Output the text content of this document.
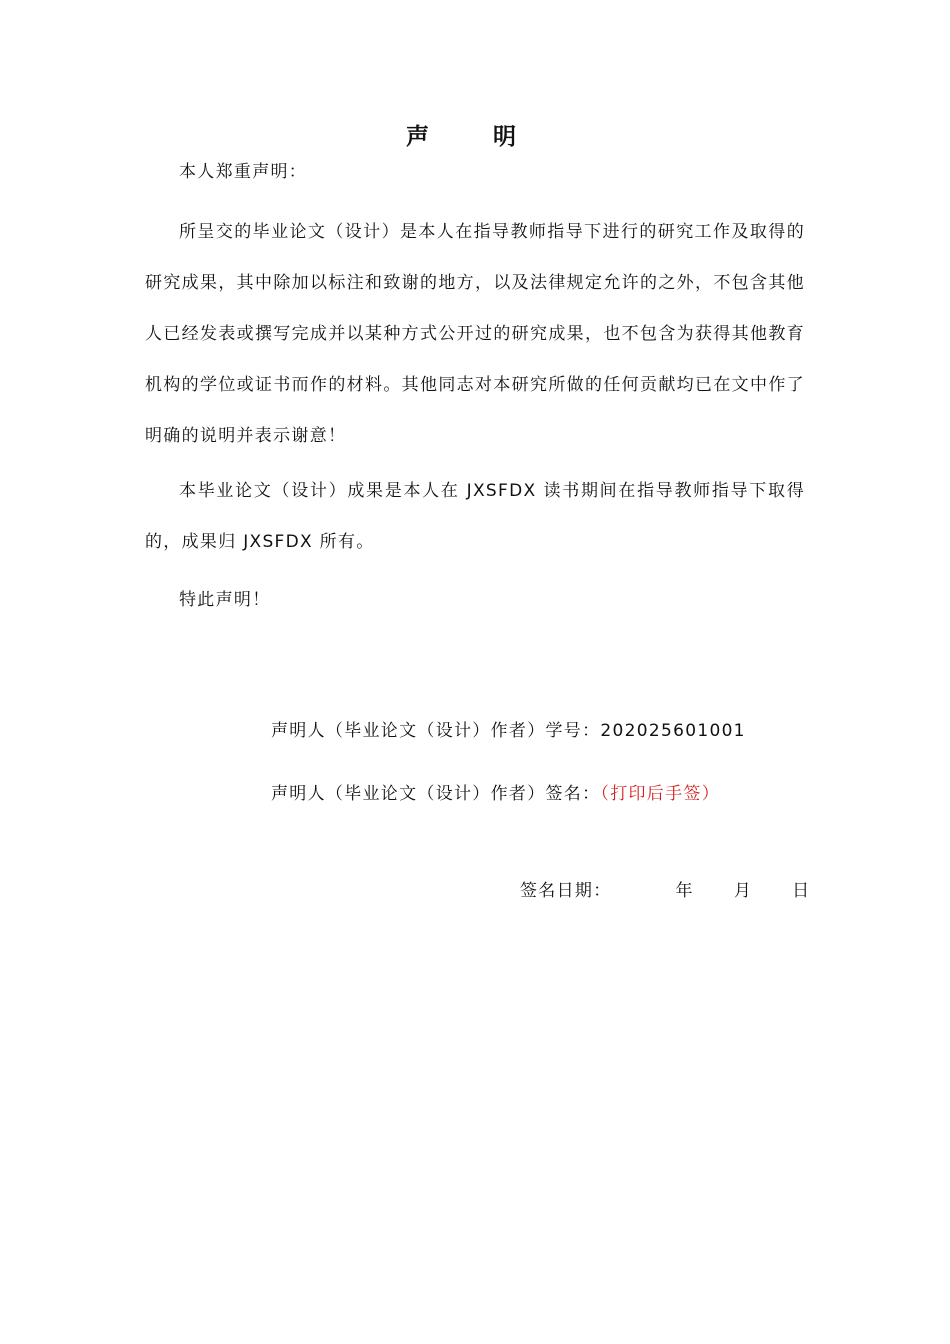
声明
本人郑重声明：
所呈交的毕业论文（设计）是本人在指导教师指导下进行的研究工作及取得的研究成果，其中除加以标注和致谢的地方，以及法律规定允许的之外，不包含其他人已经发表或撰写完成并以某种方式公开过的研究成果，也不包含为获得其他教育机构的学位或证书而作的材料。其他同志对本研究所做的任何贡献均已在文中作了明确的说明并表示谢意！
本毕业论文（设计）成果是本人在 JXSFDX 读书期间在指导教师指导下取得的，成果归 JXSFDX 所有。
特此声明！
声明人（毕业论文（设计）作者）学号：202025601001
声明人（毕业论文（设计）作者）签名：（打印后手签）
签名日期：	年 月 日
